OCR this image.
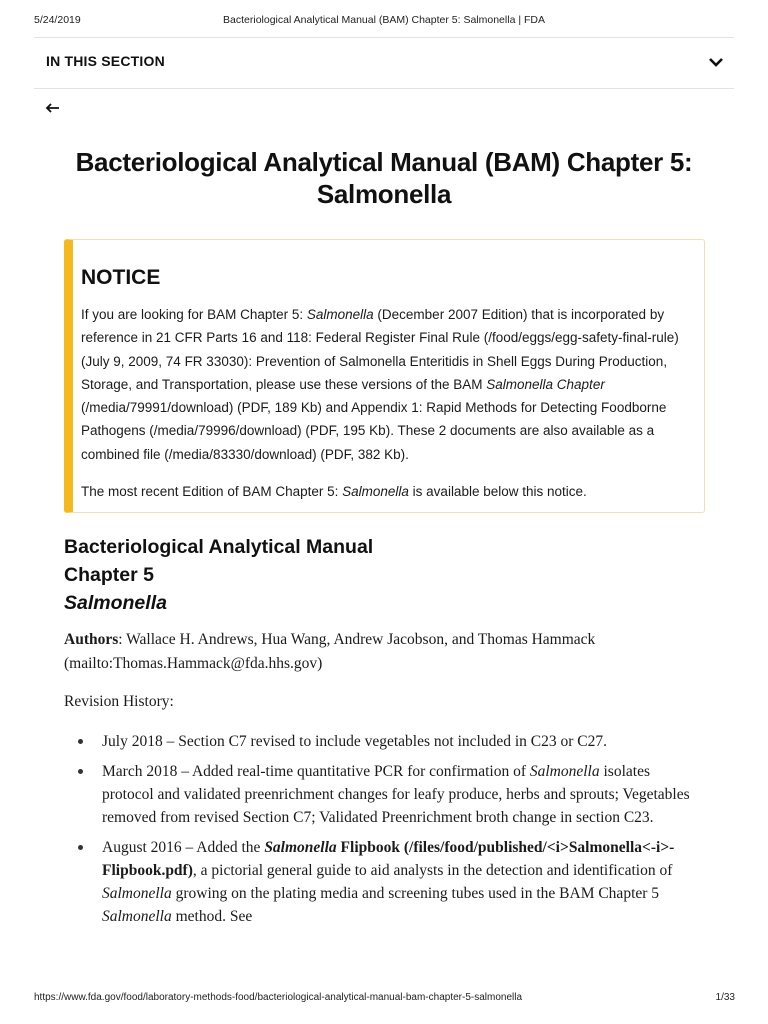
5/24/2019	Bacteriological Analytical Manual (BAM) Chapter 5: Salmonella | FDA
IN THIS SECTION
Bacteriological Analytical Manual (BAM) Chapter 5: Salmonella
NOTICE

If you are looking for BAM Chapter 5: Salmonella (December 2007 Edition) that is incorporated by reference in 21 CFR Parts 16 and 118: Federal Register Final Rule (/food/eggs/egg-safety-final-rule) (July 9, 2009, 74 FR 33030): Prevention of Salmonella Enteritidis in Shell Eggs During Production, Storage, and Transportation, please use these versions of the BAM Salmonella Chapter (/media/79991/download) (PDF, 189 Kb) and Appendix 1: Rapid Methods for Detecting Foodborne Pathogens (/media/79996/download) (PDF, 195 Kb). These 2 documents are also available as a combined file (/media/83330/download) (PDF, 382 Kb).

The most recent Edition of BAM Chapter 5: Salmonella is available below this notice.

Bacteriological Analytical Manual
Chapter 5
Salmonella

Authors: Wallace H. Andrews, Hua Wang, Andrew Jacobson, and Thomas Hammack (mailto:Thomas.Hammack@fda.hhs.gov)

Revision History:

July 2018 – Section C7 revised to include vegetables not included in C23 or C27.
March 2018 – Added real-time quantitative PCR for confirmation of Salmonella isolates protocol and validated preenrichment changes for leafy produce, herbs and sprouts; Vegetables removed from revised Section C7; Validated Preenrichment broth change in section C23.
August 2016 – Added the Salmonella Flipbook (/files/food/published/<i>Salmonella<-i>-Flipbook.pdf), a pictorial general guide to aid analysts in the detection and identification of Salmonella growing on the plating media and screening tubes used in the BAM Chapter 5 Salmonella method. See
https://www.fda.gov/food/laboratory-methods-food/bacteriological-analytical-manual-bam-chapter-5-salmonella	1/33
